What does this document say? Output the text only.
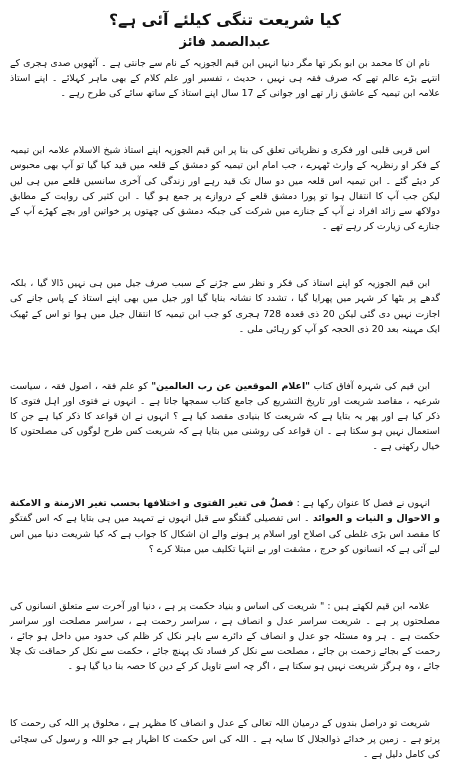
کیا شریعت تنگی کیلئے آئی ہے؟
عبدالصمد فائز

نام ان کا محمد بن ابو بکر تھا مگر دنیا انہیں ابن قیم الجوزیہ کے نام سے جانتی ہے ۔ آٹھویں صدی ہجری کے انتہے بڑے عالم تھے کہ صرف فقہ ہی نہیں ، حدیث ، تفسیر اور علم کلام کے بھی ماہر کہلائے ۔ اپنے استاذ علامہ ابن تیمیہ کے عاشق زار تھے اور جوانی کے 17 سال اپنے استاذ کے ساتھ سائے کی طرح رہے ۔

اس قربی قلبی اور فکری و نظریاتی تعلق کی بنا پر ابن قیم الجوزیہ اپنے استاذ شیخ الاسلام علامہ ابن تیمیہ کے فکر او رنظریہ کے وارث ٹھہرے ، جب امام ابن تیمیہ کو دمشق کے قلعہ میں قید کیا گیا تو آپ بھی محبوس کر دیئے گئے ۔ ابن تیمیہ اس قلعہ میں دو سال تک قید رہے اور زندگی کی آخری سانسیں قلعے میں ہی لیں لیکن جب آپ کا انتقال ہوا تو پورا دمشق قلعے کے دروازے پر جمع ہو گیا ۔ ابن کثیر کی روایت کے مطابق دولاکھ سے زائد افراد نے آپ کے جنازے میں شرکت کی جبکہ دمشق کی چھتوں پر خواتین اور بچے کھڑے آپ کے جنازے کی زیارت کر رہے تھے ۔

ابن قیم الجوزیہ کو اپنے استاذ کی فکر و نظر سے جڑنے کے سبب صرف جیل میں ہی نہیں ڈالا گیا ، بلکہ گدھے پر بٹھا کر شہر میں پھرایا گیا ، تشدد کا نشانہ بنایا گیا اور جیل میں بھی اپنے استاذ کے پاس جانے کی اجازت نہیں دی گئی لیکن 20 ذی قعدہ 728 ہجری کو جب ابن تیمیہ کا انتقال جیل میں ہوا تو اس کے ٹھیک ایک مہینہ بعد 20 ذی الحجہ کو آپ کو رہائی ملی ۔

ابن قیم کی شہرہ آفاق کتاب "اعلام الموقعین عن رب العالمین" کو علم فقہ ، اصول فقہ ، سیاست شرعیہ ، مقاصد شریعت اور تاریخ التشریع کی جامع کتاب سمجھا جاتا ہے ۔ انہوں نے فتوی اور اہل فتوی کا ذکر کیا ہے اور پھر یہ بتایا ہے کہ شریعت کا بنیادی مقصد کیا ہے ؟ انہوں نے ان قواعد کا ذکر کیا ہے جن کا استعمال نہیں ہو سکتا ہے ۔ ان قواعد کی روشنی میں بتایا ہے کہ شریعت کس طرح لوگوں کی مصلحتوں کا خیال رکھتی ہے ۔

انہوں نے فصل کا عنوان رکھا ہے : فصلٌ فی تغیر الفتوی و اختلافها بحسب تغیر الازمنة و الامکنة و الاحوال و النیات و العوائد ۔ اس تفصیلی گفتگو سے قبل انہوں نے تمہید میں ہی بتایا ہے کہ اس گفتگو کا مقصد اس بڑی غلطی کی اصلاح اور اسلام پر ہونے والے ان اشکال کا جواب ہے کہ کیا شریعت دنیا میں اس لیے آئی ہے کہ انسانوں کو حرج ، مشقت اور بے انتہا تکلیف میں مبتلا کرے ؟

علامہ ابن قیم لکھتے ہیں : " شریعت کی اساس و بنیاد حکمت پر ہے ، دنیا اور آخرت سے متعلق انسانوں کی مصلحتوں پر ہے ۔ شریعت سراسر عدل و انصاف ہے ، سراسر رحمت ہے ، سراسر مصلحت اور سراسر حکمت ہے ۔ ہر وہ مسئلہ جو عدل و انصاف کے دائرے سے باہر نکل کر ظلم کی حدود میں داخل ہو جائے ، رحمت کے بجائے زحمت بن جائے ، مصلحت سے نکل کر فساد تک پہنچ جائے ، حکمت سے نکل کر حماقت تک چلا جائے ، وہ ہرگز شریعت نہیں ہو سکتا ہے ، اگر چہ اسے تاویل کر کے دین کا حصہ بنا دیا گیا ہو ۔

شریعت تو دراصل بندوں کے درمیان اللہ تعالی کے عدل و انصاف کا مظہر ہے ، مخلوق پر اللہ کی رحمت کا پرتو ہے ۔ زمین پر خدائے ذوالجلال کا سایہ ہے ۔ اللہ کی اس حکمت کا اظہار ہے جو اللہ و رسول کی سچائی کی کامل دلیل ہے ۔
